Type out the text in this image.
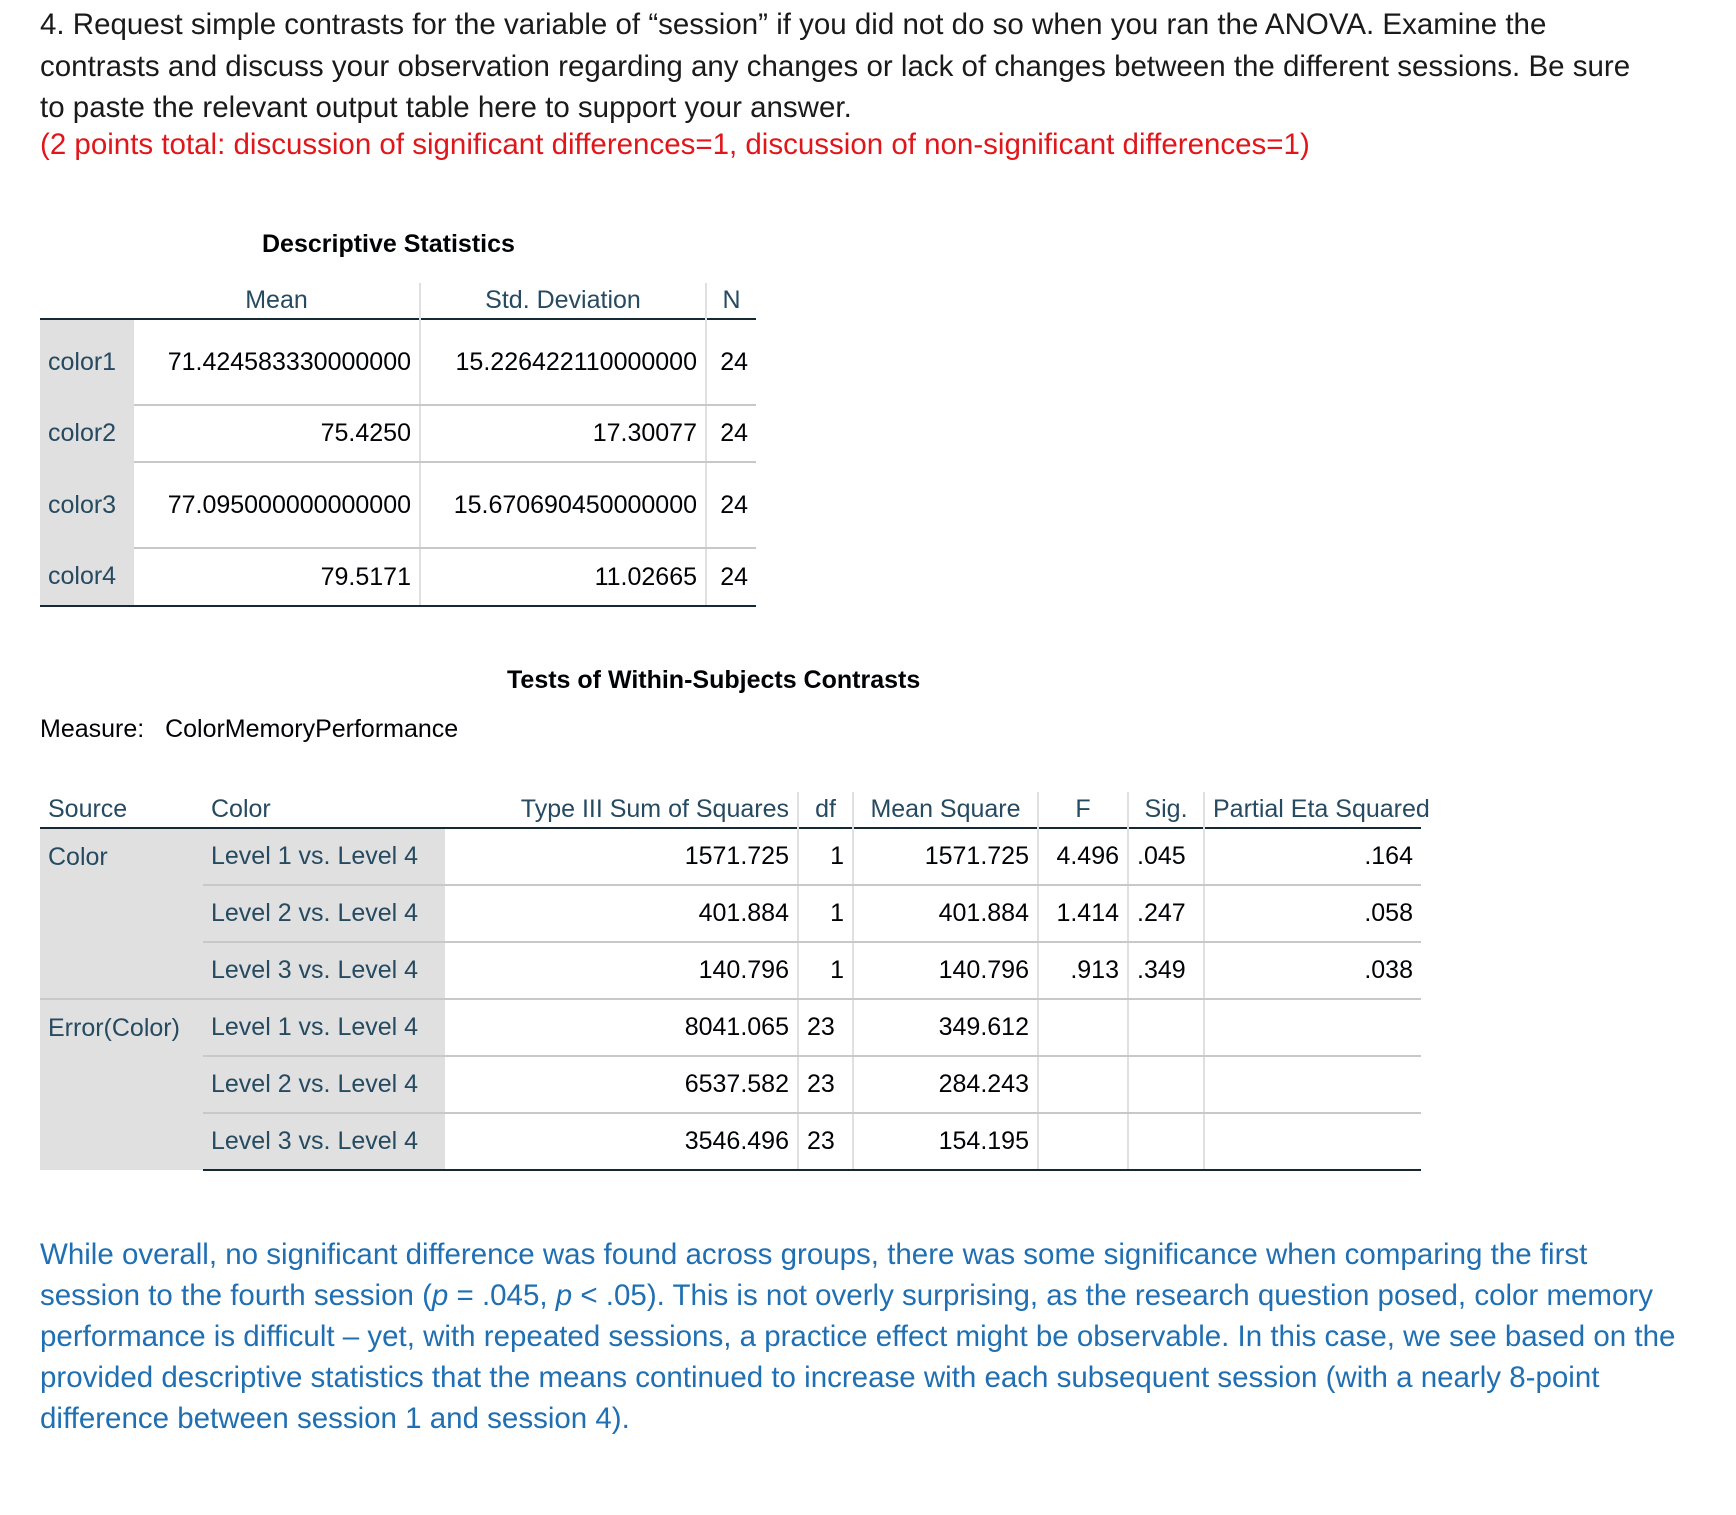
4. Request simple contrasts for the variable of “session” if you did not do so when you ran the ANOVA. Examine the contrasts and discuss your observation regarding any changes or lack of changes between the different sessions. Be sure to paste the relevant output table here to support your answer.

(2 points total: discussion of significant differences=1, discussion of non-significant differences=1)

Descriptive Statistics
	Mean	Std. Deviation	N
color1	71.424583330000000	15.226422110000000	24
color2	75.4250	17.30077	24
color3	77.095000000000000	15.670690450000000	24
color4	79.5171	11.02665	24
Tests of Within-Subjects Contrasts
Measure: ColorMemoryPerformance
Source	Color	Type III Sum of Squares	df	Mean Square	F	Sig.	Partial Eta Squared
Color	Level 1 vs. Level 4	1571.725	1	1571.725	4.496	.045	.164
	Level 2 vs. Level 4	401.884	1	401.884	1.414	.247	.058
	Level 3 vs. Level 4	140.796	1	140.796	.913	.349	.038
Error(Color)	Level 1 vs. Level 4	8041.065	23	349.612			
	Level 2 vs. Level 4	6537.582	23	284.243			
	Level 3 vs. Level 4	3546.496	23	154.195			

While overall, no significant difference was found across groups, there was some significance when comparing the first session to the fourth session (p = .045, p < .05). This is not overly surprising, as the research question posed, color memory performance is difficult – yet, with repeated sessions, a practice effect might be observable. In this case, we see based on the provided descriptive statistics that the means continued to increase with each subsequent session (with a nearly 8-point difference between session 1 and session 4).
